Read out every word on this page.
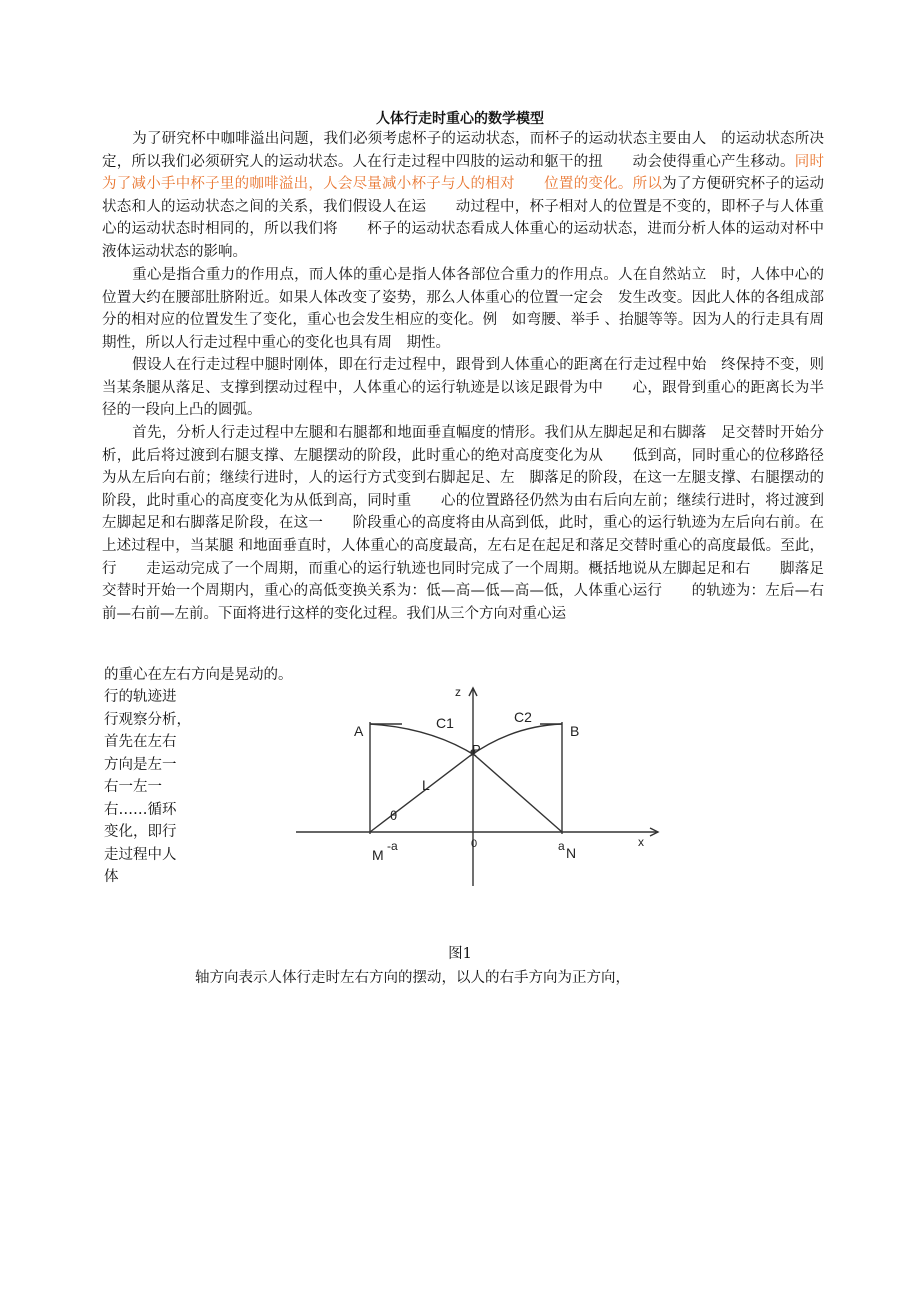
人体行走时重心的数学模型

为了研究杯中咖啡溢出问题，我们必须考虑杯子的运动状态，而杯子的运动状态主要由人　的运动状态所决定，所以我们必须研究人的运动状态。人在行走过程中四肢的运动和躯干的扭　　动会使得重心产生移动。同时为了减小手中杯子里的咖啡溢出，人会尽量减小杯子与人的相对　　位置的变化。所以为了方便研究杯子的运动状态和人的运动状态之间的关系，我们假设人在运　　动过程中，杯子相对人的位置是不变的，即杯子与人体重心的运动状态时相同的，所以我们将　　杯子的运动状态看成人体重心的运动状态，进而分析人体的运动对杯中液体运动状态的影响。

重心是指合重力的作用点，而人体的重心是指人体各部位合重力的作用点。人在自然站立　时，人体中心的位置大约在腰部肚脐附近。如果人体改变了姿势，那么人体重心的位置一定会　发生改变。因此人体的各组成部分的相对应的位置发生了变化，重心也会发生相应的变化。例　如弯腰、举手 、抬腿等等。因为人的行走具有周期性，所以人行走过程中重心的变化也具有周　期性。

假设人在行走过程中腿时刚体，即在行走过程中，跟骨到人体重心的距离在行走过程中始　终保持不变，则当某条腿从落足、支撑到摆动过程中，人体重心的运行轨迹是以该足跟骨为中　　心，跟骨到重心的距离长为半径的一段向上凸的圆弧。

首先，分析人行走过程中左腿和右腿都和地面垂直幅度的情形。我们从左脚起足和右脚落　足交替时开始分析，此后将过渡到右腿支撑、左腿摆动的阶段，此时重心的绝对高度变化为从　　低到高，同时重心的位移路径为从左后向右前；继续行进时，人的运行方式变到右脚起足、左　脚落足的阶段，在这一左腿支撑、右腿摆动的阶段，此时重心的高度变化为从低到高，同时重　　心的位置路径仍然为由右后向左前；继续行进时，将过渡到左脚起足和右脚落足阶段，在这一　　阶段重心的高度将由从高到低，此时，重心的运行轨迹为左后向右前。在上述过程中，当某腿 和地面垂直时，人体重心的高度最高，左右足在起足和落足交替时重心的高度最低。至此，行　　走运动完成了一个周期，而重心的运行轨迹也同时完成了一个周期。概括地说从左脚起足和右　　脚落足交替时开始一个周期内，重心的高低变换关系为：低—高—低—高—低，人体重心运行　　的轨迹为：左后—右前—右前—左前。下面将进行这样的变化过程。我们从三个方向对重心运

的重心在左右方向是晃动的。
行的轨迹进
行观察分析，
首先在左右
方向是左一
右一左一
右……循环
变化，即行
走过程中人
体
z
x
A	B
C1	C2
P
L
θ
M
-a	0	a N
图1
轴方向表示人体行走时左右方向的摆动，以人的右手方向为正方向，
